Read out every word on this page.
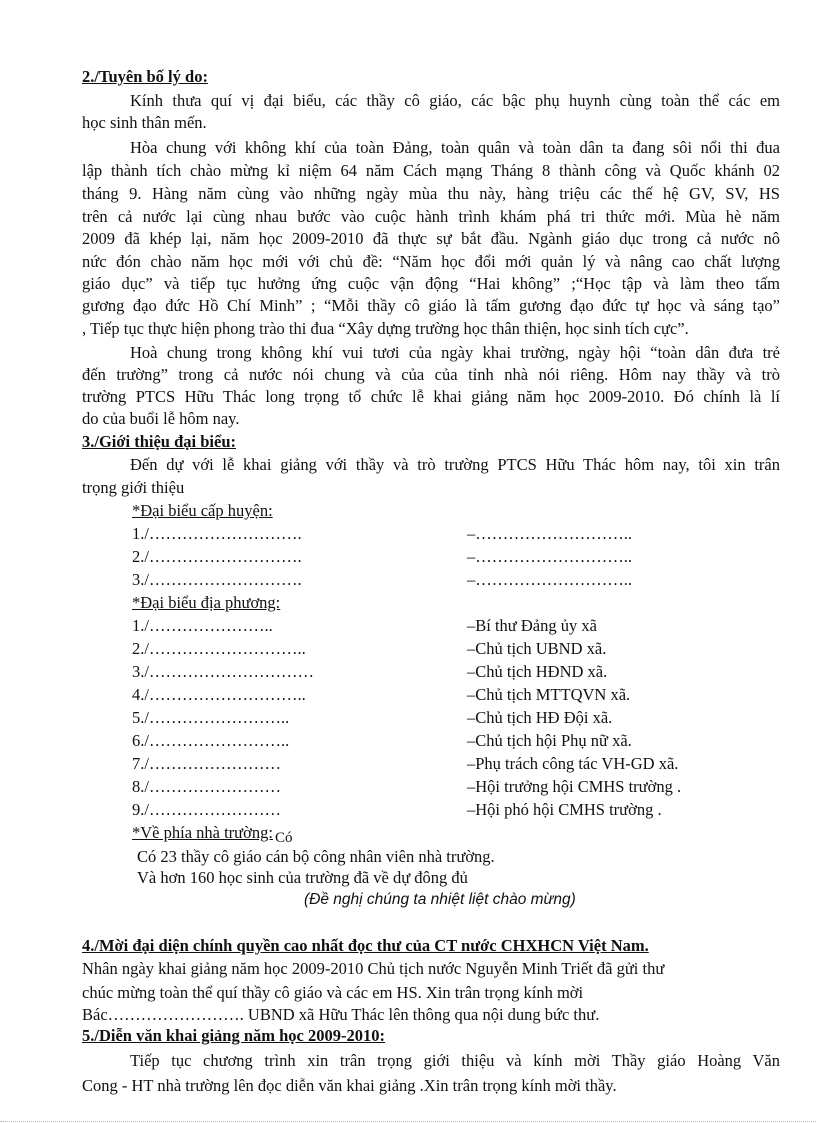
2./Tuyên bố lý do:
Kính thưa quí vị đại biểu, các thầy cô giáo, các bậc phụ huynh cùng toàn thể các em
học sinh thân mến.
Hòa chung với không khí của toàn Đảng, toàn quân và toàn dân ta đang sôi nổi thi đua
lập thành tích chào mừng kỉ niệm 64 năm Cách mạng Tháng 8 thành công và Quốc khánh 02
tháng 9. Hàng năm cùng vào những ngày mùa thu này, hàng triệu các thế hệ GV, SV, HS
trên cả nước lại cùng nhau bước vào cuộc hành trình khám phá tri thức mới. Mùa hè năm
2009 đã khép lại, năm học 2009-2010 đã thực sự bắt đầu. Ngành giáo dục trong cả nước nô
nức đón chào năm học mới với chủ đề: “Năm học đổi mới quản lý và nâng cao chất lượng
giáo dục” và tiếp tục hưởng ứng cuộc vận động “Hai không” ;“Học tập và làm theo tấm
gương đạo đức Hồ Chí Minh” ; “Mỗi thầy cô giáo là tấm gương đạo đức tự học và sáng tạo”
, Tiếp tục thực hiện phong trào thi đua “Xây dựng trường học thân thiện, học sinh tích cực”.
Hoà chung trong không khí vui tươi của ngày khai trường, ngày hội “toàn dân đưa trẻ
đến trường” trong cả nước nói chung và của của tỉnh nhà nói riêng. Hôm nay thầy và trò
trường PTCS Hữu Thác long trọng tổ chức lễ khai giảng năm học 2009-2010. Đó chính là lí
do của buổi lễ hôm nay.
3./Giới thiệu đại biểu:
Đến dự với lễ khai giảng với thầy và trò trường PTCS Hữu Thác hôm nay, tôi xin trân
trọng giới thiệu
*Đại biểu cấp huyện:
1./……………………….	–………………………..
2./……………………….	–………………………..
3./……………………….	–………………………..
*Đại biểu địa phương:
1./…………………..	–Bí thư Đảng ủy xã
2./………………………..	–Chủ tịch UBND xã.
3./…………………………	–Chủ tịch HĐND xã.
4./………………………..	–Chủ tịch MTTQVN xã.
5./……………………..	–Chủ tịch HĐ Đội xã.
6./……………………..	–Chủ tịch hội Phụ nữ xã.
7./……………………	–Phụ trách công tác VH-GD xã.
8./……………………	–Hội trưởng hội CMHS trường .
9./……………………	–Hội phó hội CMHS trường .
*Về phía nhà trường: Có
Có 23 thầy cô giáo cán bộ công nhân viên nhà trường.
Và hơn 160 học sinh của trường đã về dự đông đủ
(Đề nghị chúng ta nhiệt liệt chào mừng)
4./Mời đại diện chính quyền cao nhất đọc thư của CT nước CHXHCN Việt Nam.
Nhân ngày khai giảng năm học 2009-2010 Chủ tịch nước Nguyễn Minh Triết đã gửi thư
chúc mừng toàn thể quí thầy cô giáo và các em HS. Xin trân trọng kính mời
Bác……………………. UBND xã Hữu Thác lên thông qua nội dung bức thư.
5./Diễn văn khai giảng năm học 2009-2010:
Tiếp tục chương trình xin trân trọng giới thiệu và kính mời Thầy giáo Hoàng Văn
Cong - HT nhà trường lên đọc diễn văn khai giảng .Xin trân trọng kính mời thầy.
